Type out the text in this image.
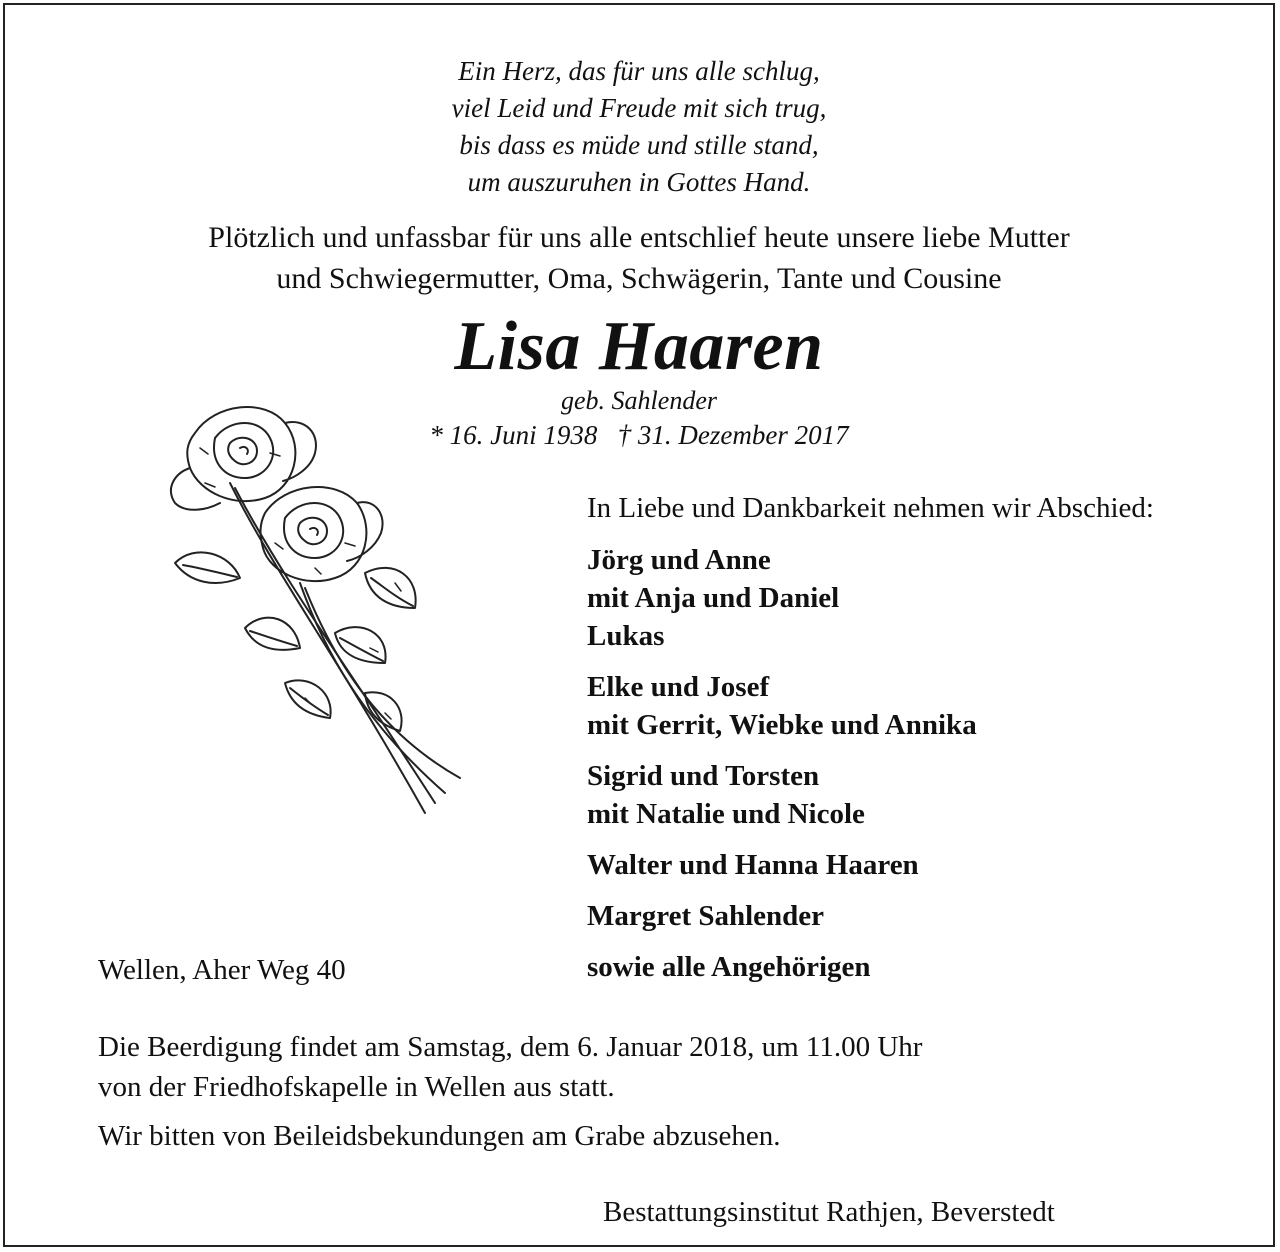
Ein Herz, das für uns alle schlug,
viel Leid und Freude mit sich trug,
bis dass es müde und stille stand,
um auszuruhen in Gottes Hand.
Plötzlich und unfassbar für uns alle entschlief heute unsere liebe Mutter
und Schwiegermutter, Oma, Schwägerin, Tante und Cousine
Lisa Haaren
geb. Sahlender
* 16. Juni 1938   † 31. Dezember 2017
In Liebe und Dankbarkeit nehmen wir Abschied:
Jörg und Anne
mit Anja und Daniel
Lukas
Elke und Josef
mit Gerrit, Wiebke und Annika
Sigrid und Torsten
mit Natalie und Nicole
Walter und Hanna Haaren
Margret Sahlender
sowie alle Angehörigen
Wellen, Aher Weg 40
Die Beerdigung findet am Samstag, dem 6. Januar 2018, um 11.00 Uhr
von der Friedhofskapelle in Wellen aus statt.
Wir bitten von Beileidsbekundungen am Grabe abzusehen.
Bestattungsinstitut Rathjen, Beverstedt
